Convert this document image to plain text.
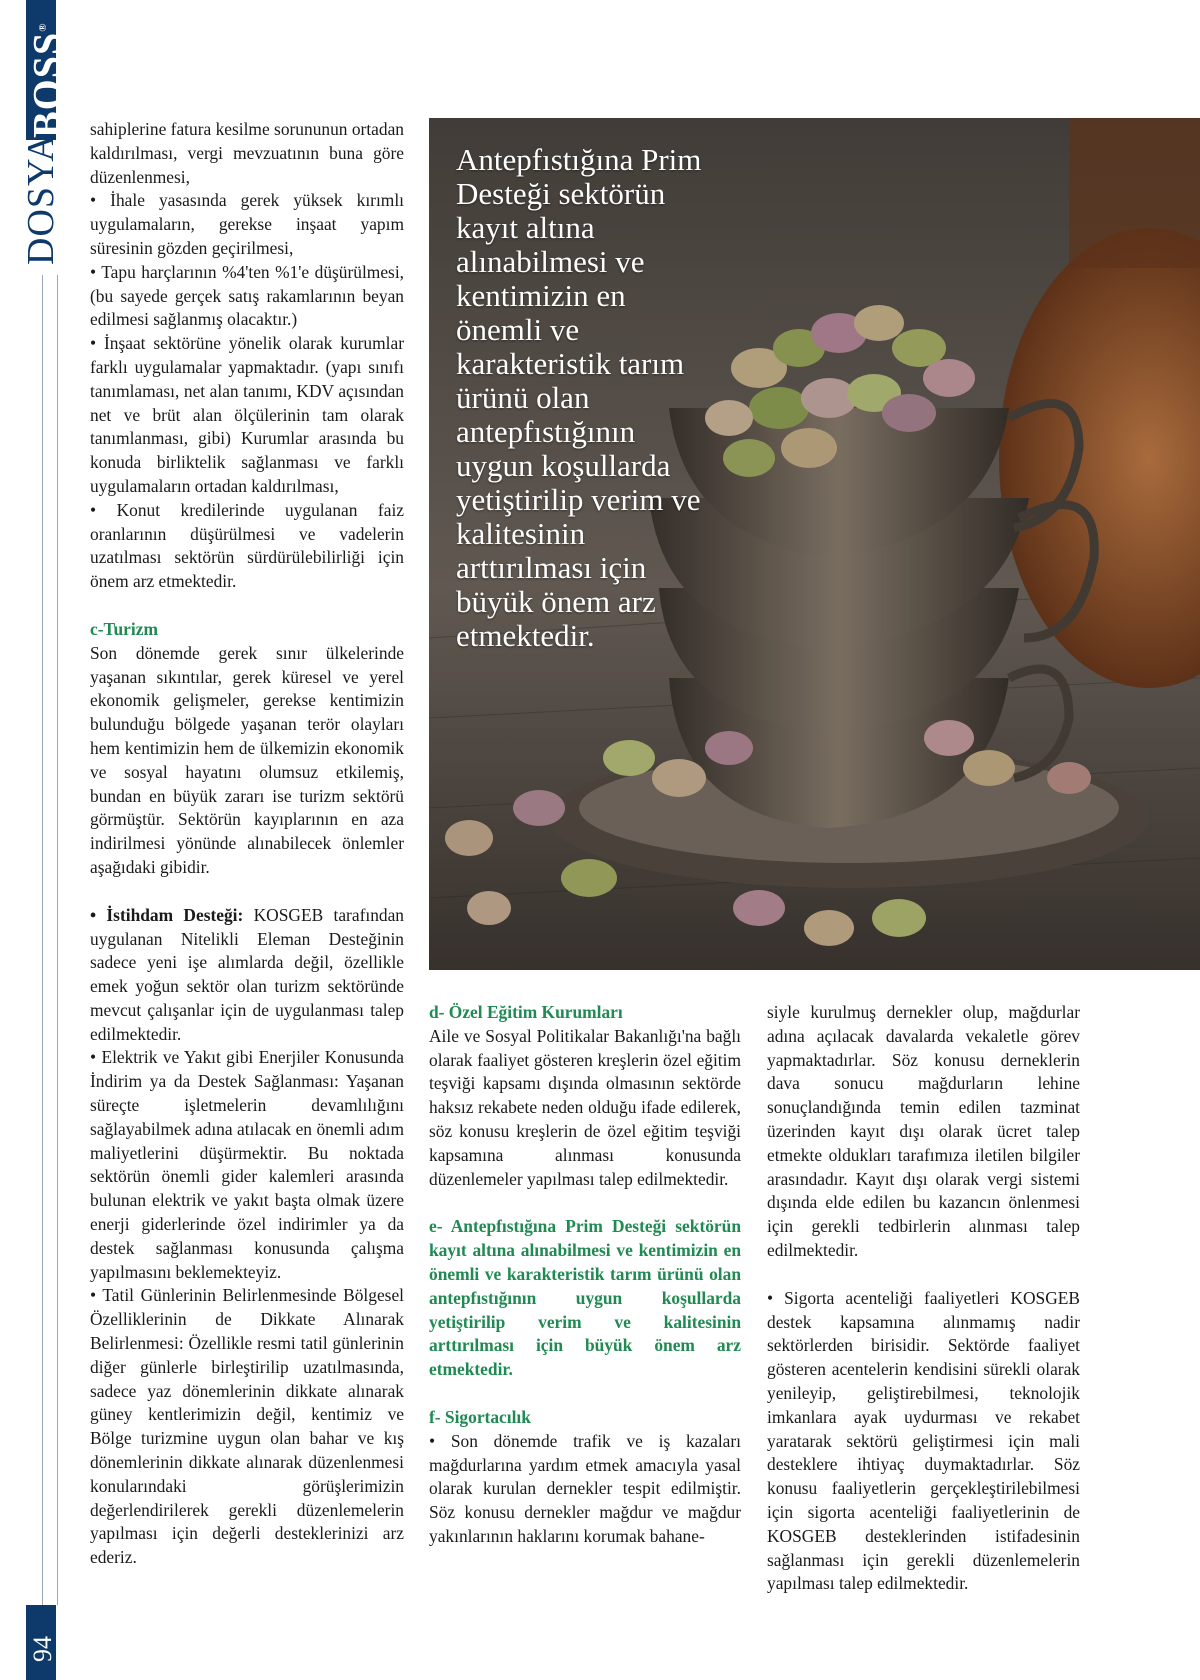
BOSS®
DOSYA
94

sahiplerine fatura kesilme sorununun ortadan kaldırılması, vergi mevzuatının buna göre düzenlenmesi,

• İhale yasasında gerek yüksek kırımlı uygulamaların, gerekse inşaat yapım süresinin gözden geçirilmesi,

• Tapu harçlarının %4'ten %1'e düşürülmesi, (bu sayede gerçek satış rakamlarının beyan edilmesi sağlanmış olacaktır.)

• İnşaat sektörüne yönelik olarak kurumlar farklı uygulamalar yapmaktadır. (yapı sınıfı tanımlaması, net alan tanımı, KDV açısından net ve brüt alan ölçülerinin tam olarak tanımlanması, gibi) Kurumlar arasında bu konuda birliktelik sağlanması ve farklı uygulamaların ortadan kaldırılması,

• Konut kredilerinde uygulanan faiz oranlarının düşürülmesi ve vadelerin uzatılması sektörün sürdürülebilirliği için önem arz etmektedir.

c-Turizm

Son dönemde gerek sınır ülkelerinde yaşanan sıkıntılar, gerek küresel ve yerel ekonomik gelişmeler, gerekse kentimizin bulunduğu bölgede yaşanan terör olayları hem kentimizin hem de ülkemizin ekonomik ve sosyal hayatını olumsuz etkilemiş, bundan en büyük zararı ise turizm sektörü görmüştür. Sektörün kayıplarının en aza indirilmesi yönünde alınabilecek önlemler aşağıdaki gibidir.

• İstihdam Desteği: KOSGEB tarafından uygulanan Nitelikli Eleman Desteğinin sadece yeni işe alımlarda değil, özellikle emek yoğun sektör olan turizm sektöründe mevcut çalışanlar için de uygulanması talep edilmektedir.

• Elektrik ve Yakıt gibi Enerjiler Konusunda İndirim ya da Destek Sağlanması: Yaşanan süreçte işletmelerin devamlılığını sağlayabilmek adına atılacak en önemli adım maliyetlerini düşürmektir. Bu noktada sektörün önemli gider kalemleri arasında bulunan elektrik ve yakıt başta olmak üzere enerji giderlerinde özel indirimler ya da destek sağlanması konusunda çalışma yapılmasını beklemekteyiz.

• Tatil Günlerinin Belirlenmesinde Bölgesel Özelliklerinin de Dikkate Alınarak Belirlenmesi: Özellikle resmi tatil günlerinin diğer günlerle birleştirilip uzatılmasında, sadece yaz dönemlerinin dikkate alınarak güney kentlerimizin değil, kentimiz ve Bölge turizmine uygun olan bahar ve kış dönemlerinin dikkate alınarak düzenlenmesi konularındaki görüşlerimizin değerlendirilerek gerekli düzenlemelerin yapılması için değerli desteklerinizi arz ederiz.

Antepfıstığına Prim Desteği sektörün kayıt altına alınabilmesi ve kentimizin en önemli ve karakteristik tarım ürünü olan antepfıstığının uygun koşullarda yetiştirilip verim ve kalitesinin arttırılması için büyük önem arz etmektedir.

d- Özel Eğitim Kurumları

Aile ve Sosyal Politikalar Bakanlığı'na bağlı olarak faaliyet gösteren kreşlerin özel eğitim teşviği kapsamı dışında olmasının sektörde haksız rekabete neden olduğu ifade edilerek, söz konusu kreşlerin de özel eğitim teşviği kapsamına alınması konusunda düzenlemeler yapılması talep edilmektedir.

e- Antepfıstığına Prim Desteği sektörün kayıt altına alınabilmesi ve kentimizin en önemli ve karakteristik tarım ürünü olan antepfıstığının uygun koşullarda yetiştirilip verim ve kalitesinin arttırılması için büyük önem arz etmektedir.

f- Sigortacılık

• Son dönemde trafik ve iş kazaları mağdurlarına yardım etmek amacıyla yasal olarak kurulan dernekler tespit edilmiştir. Söz konusu dernekler mağdur ve mağdur yakınlarının haklarını korumak bahane-

siyle kurulmuş dernekler olup, mağdurlar adına açılacak davalarda vekaletle görev yapmaktadırlar. Söz konusu derneklerin dava sonucu mağdurların lehine sonuçlandığında temin edilen tazminat üzerinden kayıt dışı olarak ücret talep etmekte oldukları tarafımıza iletilen bilgiler arasındadır. Kayıt dışı olarak vergi sistemi dışında elde edilen bu kazancın önlenmesi için gerekli tedbirlerin alınması talep edilmektedir.

• Sigorta acenteliği faaliyetleri KOSGEB destek kapsamına alınmamış nadir sektörlerden birisidir. Sektörde faaliyet gösteren acentelerin kendisini sürekli olarak yenileyip, geliştirebilmesi, teknolojik imkanlara ayak uydurması ve rekabet yaratarak sektörü geliştirmesi için mali desteklere ihtiyaç duymaktadırlar. Söz konusu faaliyetlerin gerçekleştirilebilmesi için sigorta acenteliği faaliyetlerinin de KOSGEB desteklerinden istifadesinin sağlanması için gerekli düzenlemelerin yapılması talep edilmektedir.
